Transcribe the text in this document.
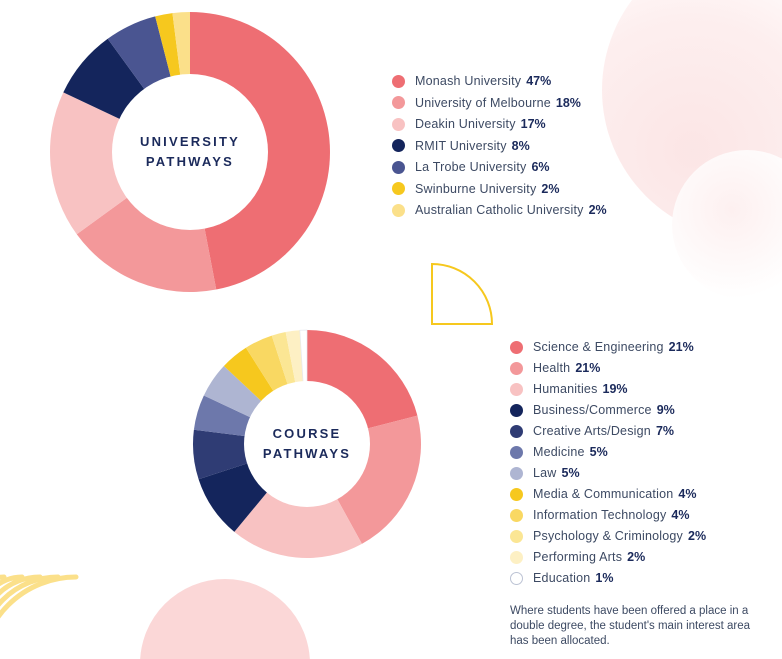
UNIVERSITY
PATHWAYS
Monash University 47%
University of Melbourne 18%
Deakin University 17%
RMIT University 8%
La Trobe University 6%
Swinburne University 2%
Australian Catholic University 2%
COURSE
PATHWAYS
Science & Engineering 21%
Health 21%
Humanities 19%
Business/Commerce 9%
Creative Arts/Design 7%
Medicine 5%
Law 5%
Media & Communication 4%
Information Technology 4%
Psychology & Criminology 2%
Performing Arts 2%
Education 1%
Where students have been offered a place in a double degree, the student's main interest area has been allocated.
